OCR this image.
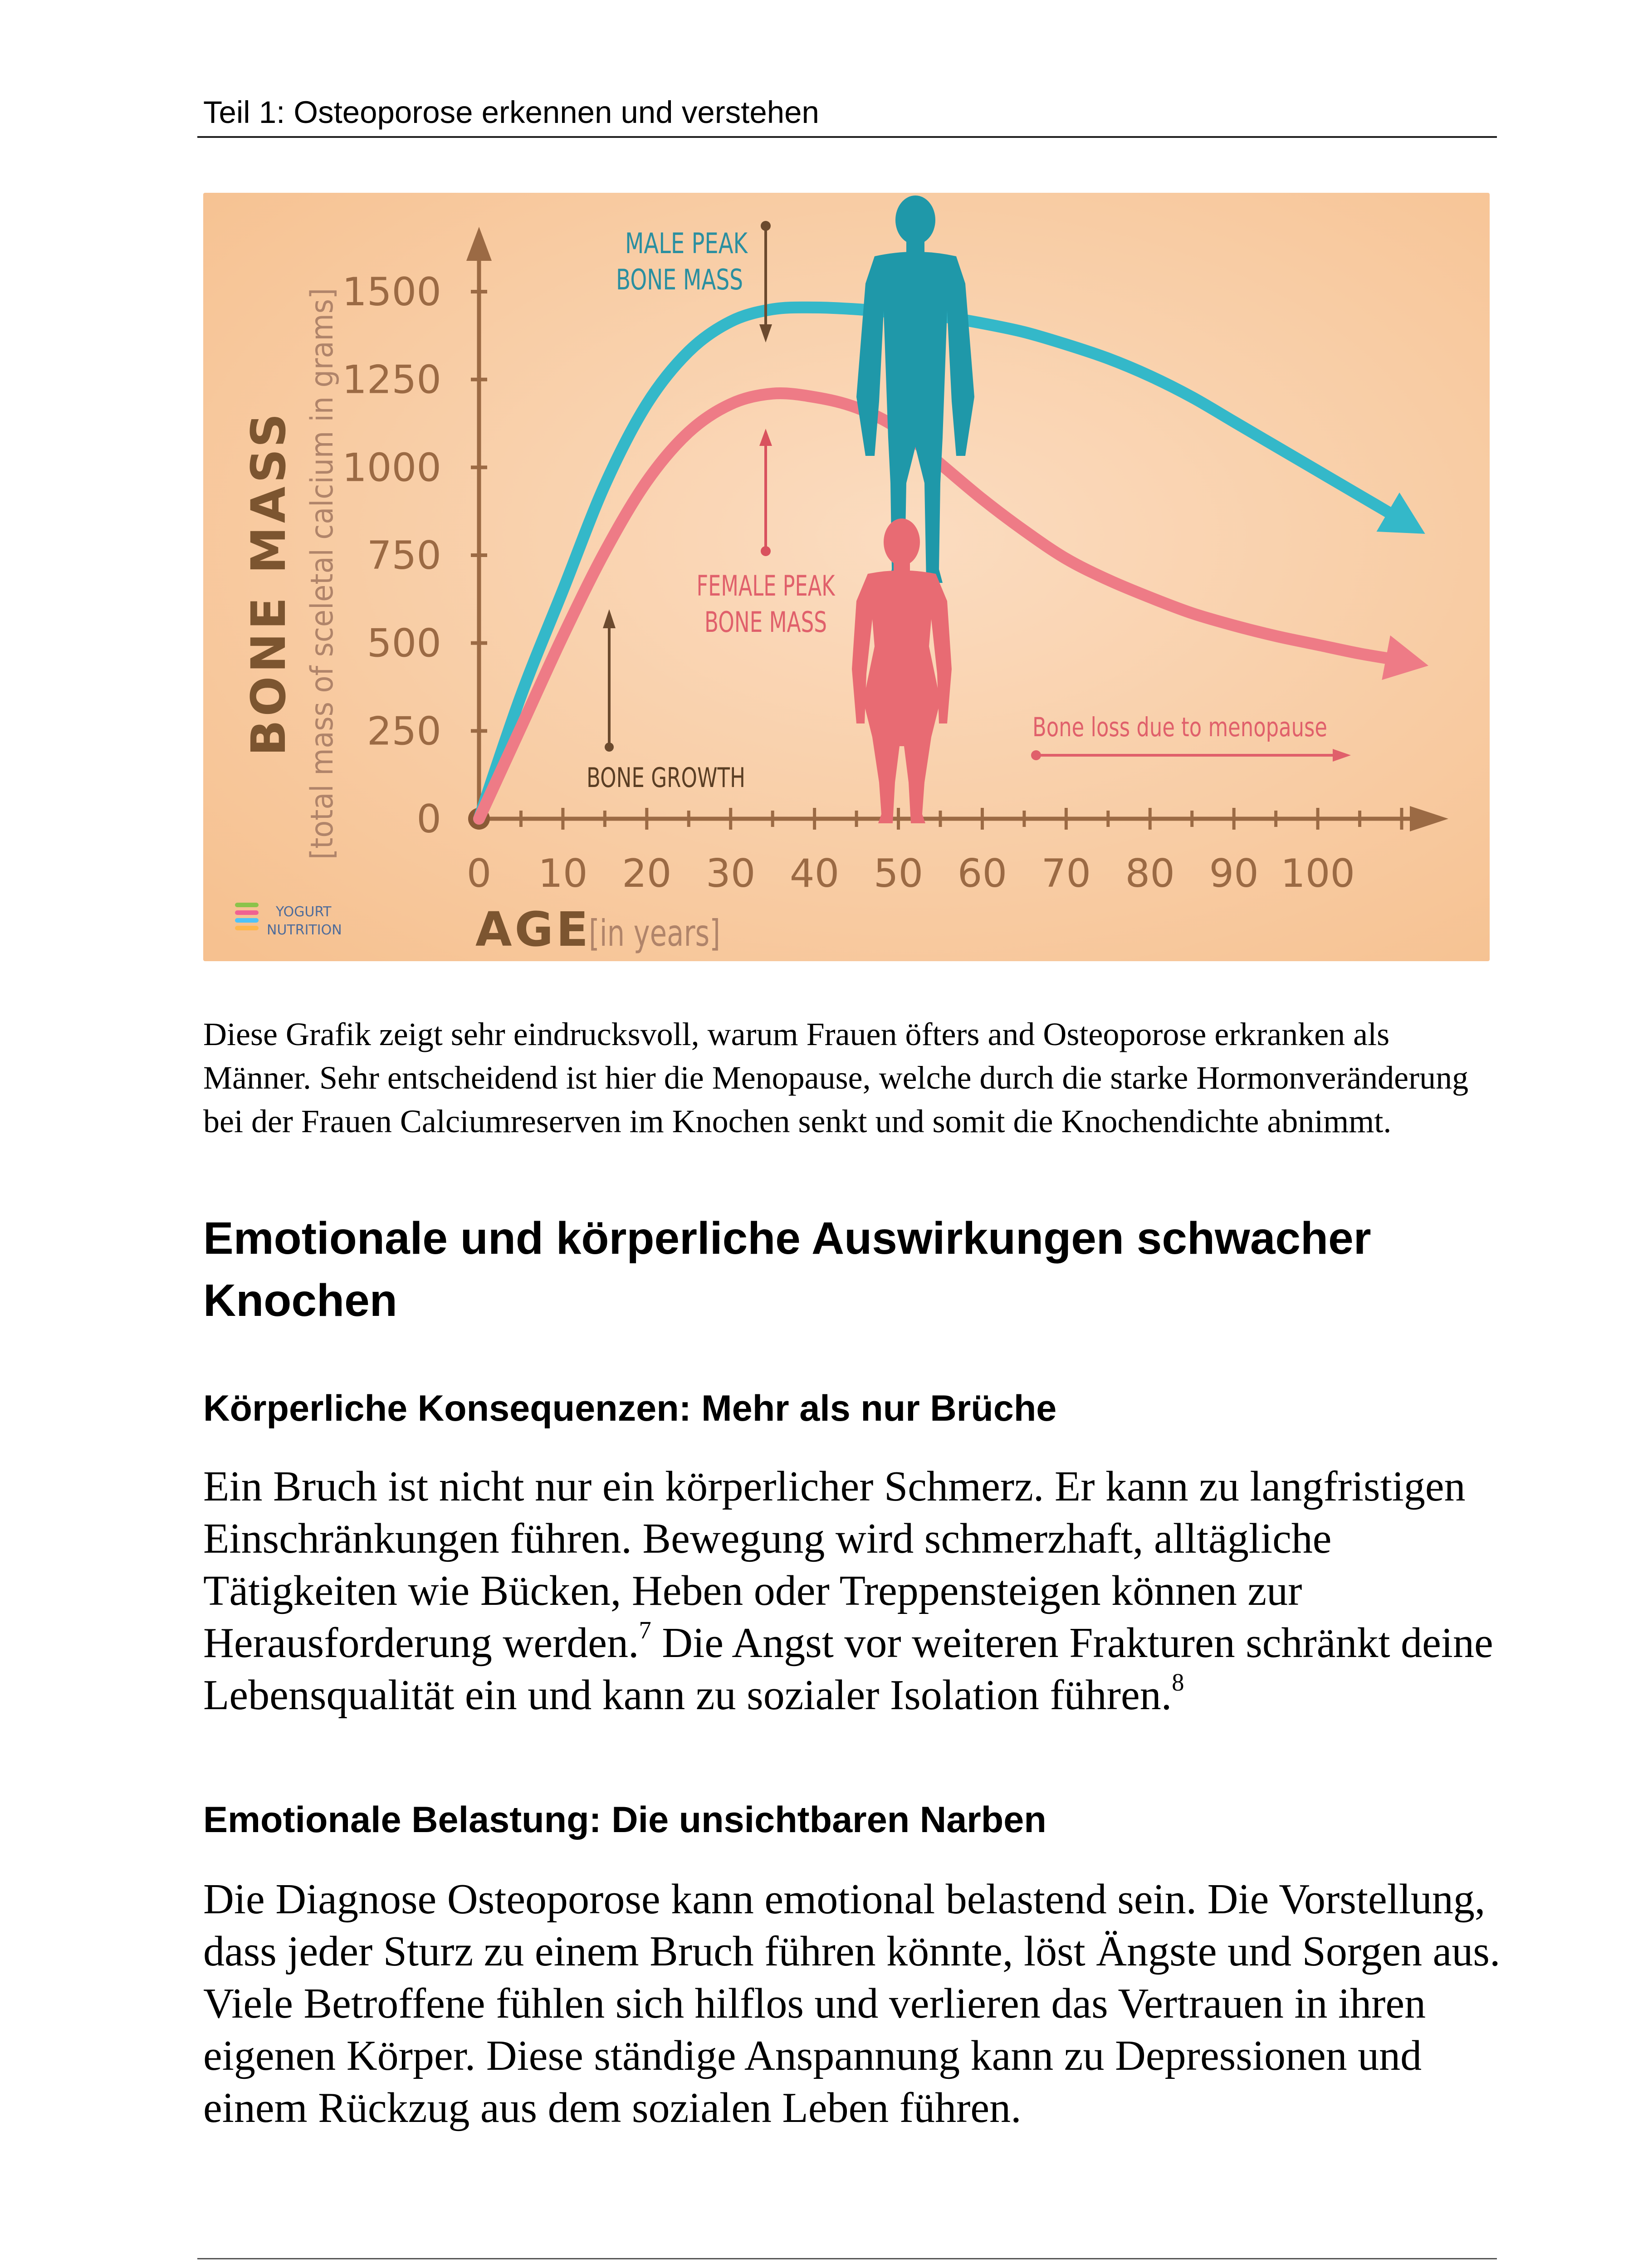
Teil 1: Osteoporose erkennen und verstehen
0
250
500
750
1000
1250
1500
0 10 20 30 40 50 60 70 80 90 100
BONE MASS [total mass of sceletal calcium in grams]
AGE
[in years]
MALE PEAK
BONE MASS
FEMALE PEAK
BONE MASS
BONE GROWTH
Bone loss due to menopause
YOGURT
NUTRITION

Diese Grafik zeigt sehr eindrucksvoll, warum Frauen öfters and Osteoporose erkranken als Männer. Sehr entscheidend ist hier die Menopause, welche durch die starke Hormonveränderung bei der Frauen Calciumreserven im Knochen senkt und somit die Knochendichte abnimmt.

Emotionale und körperliche Auswirkungen schwacher Knochen
Körperliche Konsequenzen: Mehr als nur Brüche

Ein Bruch ist nicht nur ein körperlicher Schmerz. Er kann zu langfristigen Einschränkungen führen. Bewegung wird schmerzhaft, alltägliche Tätigkeiten wie Bücken, Heben oder Treppensteigen können zur Herausforderung werden.$^7$ Die Angst vor weiteren Frakturen schränkt deine Lebensqualität ein und kann zu sozialer Isolation führen.$^8$

Emotionale Belastung: Die unsichtbaren Narben

Die Diagnose Osteoporose kann emotional belastend sein. Die Vorstellung, dass jeder Sturz zu einem Bruch führen könnte, löst Ängste und Sorgen aus. Viele Betroffene fühlen sich hilflos und verlieren das Vertrauen in ihren eigenen Körper. Diese ständige Anspannung kann zu Depressionen und einem Rückzug aus dem sozialen Leben führen.
